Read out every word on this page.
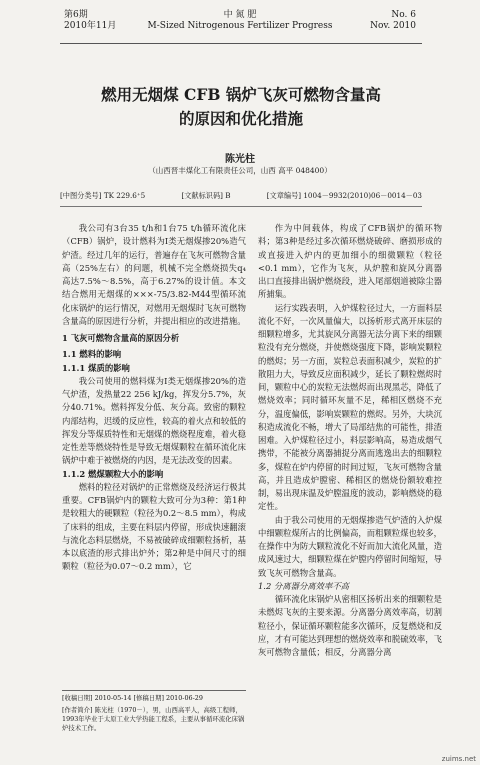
第6期
2010年11月
中 氮 肥
M-Sized Nitrogenous Fertilizer Progress
No. 6
Nov. 2010
燃用无烟煤 CFB 锅炉飞灰可燃物含量高
的原因和优化措施
陈光柱
（山西晋丰煤化工有限责任公司，山西 高平 048400）
[中图分类号] TK 229.6⁺5	[文献标识码] B	[文章编号] 1004－9932(2010)06－0014－03

我公司有3台35 t/h和1台75 t/h循环流化床（CFB）锅炉，设计燃料为Ⅰ类无烟煤掺20%造气炉渣。经过几年的运行，普遍存在飞灰可燃物含量高（25%左右）的问题，机械不完全燃烧损失q₄高达7.5%～8.5%，高于6.27%的设计值。本文结合燃用无烟煤的×××-75/3.82-M44型循环流化床锅炉的运行情况，对燃用无烟煤时飞灰可燃物含量高的原因进行分析，并提出相应的改进措施。

1 飞灰可燃物含量高的原因分析

1.1 燃料的影响

1.1.1 煤质的影响

我公司使用的燃料煤为Ⅰ类无烟煤掺20%的造气炉渣，发热量22 256 kJ/kg，挥发分5.7%，灰分40.71%。燃料挥发分低、灰分高。致密的颗粒内部结构，迟缓的反应性，较高的着火点和较低的挥发分等煤质特性和无烟煤的燃烧程度难，着火稳定性差等燃烧特性是导致无烟煤颗粒在循环流化床锅炉中难于被燃烧的内因，是无法改变的因素。

1.1.2 燃煤颗粒大小的影响

燃料的粒径对锅炉的正常燃烧及经济运行极其重要。CFB锅炉内的颗粒大致可分为3种：第1种是较粗大的硬颗粒（粒径为0.2～8.5 mm），构成了床料的组成，主要在料层内停留，形成快速翻滚与流化态料层燃烧，不易被破碎成细颗粒扬析，基本以底渣的形式排出炉外；第2种是中间尺寸的细颗粒（粒径为0.07～0.2 mm），它

作为中间载体，构成了CFB锅炉的循环物料；第3种是经过多次循环燃烧破碎、磨损形成的或直接进入炉内的更加细小的细微颗粒（粒径<0.1 mm），它作为飞灰，从炉膛和旋风分离器出口直接排出锅炉燃烧段，进入尾部烟道被除尘器所捕集。

运行实践表明，入炉煤粒径过大，一方面料层流化不好，一次风量偏大，以扬析形式离开床层的细颗粒增多，尤其旋风分离器无法分离下来的细颗粒没有充分燃烧，并使燃烧强度下降，影响炭颗粒的燃烬；另一方面，炭粒总表面积减少，炭粒的扩散阻力大，导致反应面积减少，延长了颗粒燃烬时间，颗粒中心的炭粒无法燃烬而出现黑芯，降低了燃烧效率；同时循环灰量不足，稀相区燃烧不充分，温度偏低，影响炭颗粒的燃烬。另外，大块沉积造成流化不畅，增大了局部结焦的可能性，排渣困难。入炉煤粒径过小，料层影响高，易造成烟气携带，不能被分离器捕捉分离而逃逸出去的细颗粒多，煤粒在炉内停留的时间过短，飞灰可燃物含量高，并且造成炉膛密、稀相区的燃烧份额较难控制，易出现床温及炉膛温度的波动，影响燃烧的稳定性。

由于我公司使用的无烟煤掺造气炉渣的入炉煤中细颗粒煤所占的比例偏高，而粗颗粒煤也较多，在操作中为防大颗粒流化不好而加大流化风量，造成风速过大，细颗粒煤在炉膛内停留时间缩短，导致飞灰可燃物含量高。

1.2 分离器分离效率不高

循环流化床锅炉从密相区扬析出来的细颗粒是未燃烬飞灰的主要来源。分离器分离效率高，切割粒径小，保证循环颗粒能多次循环，反复燃烧和反应，才有可能达到理想的燃烧效率和脱硫效率，飞灰可燃物含量低；相反，分离器分离

[收稿日期] 2010-05-14 [修稿日期] 2010-06-29
[作者简介] 陈光柱（1970－），男，山西高平人，高级工程师，1993年毕业于太原工业大学热能工程系，主要从事循环流化床锅炉技术工作。
zuims.net
